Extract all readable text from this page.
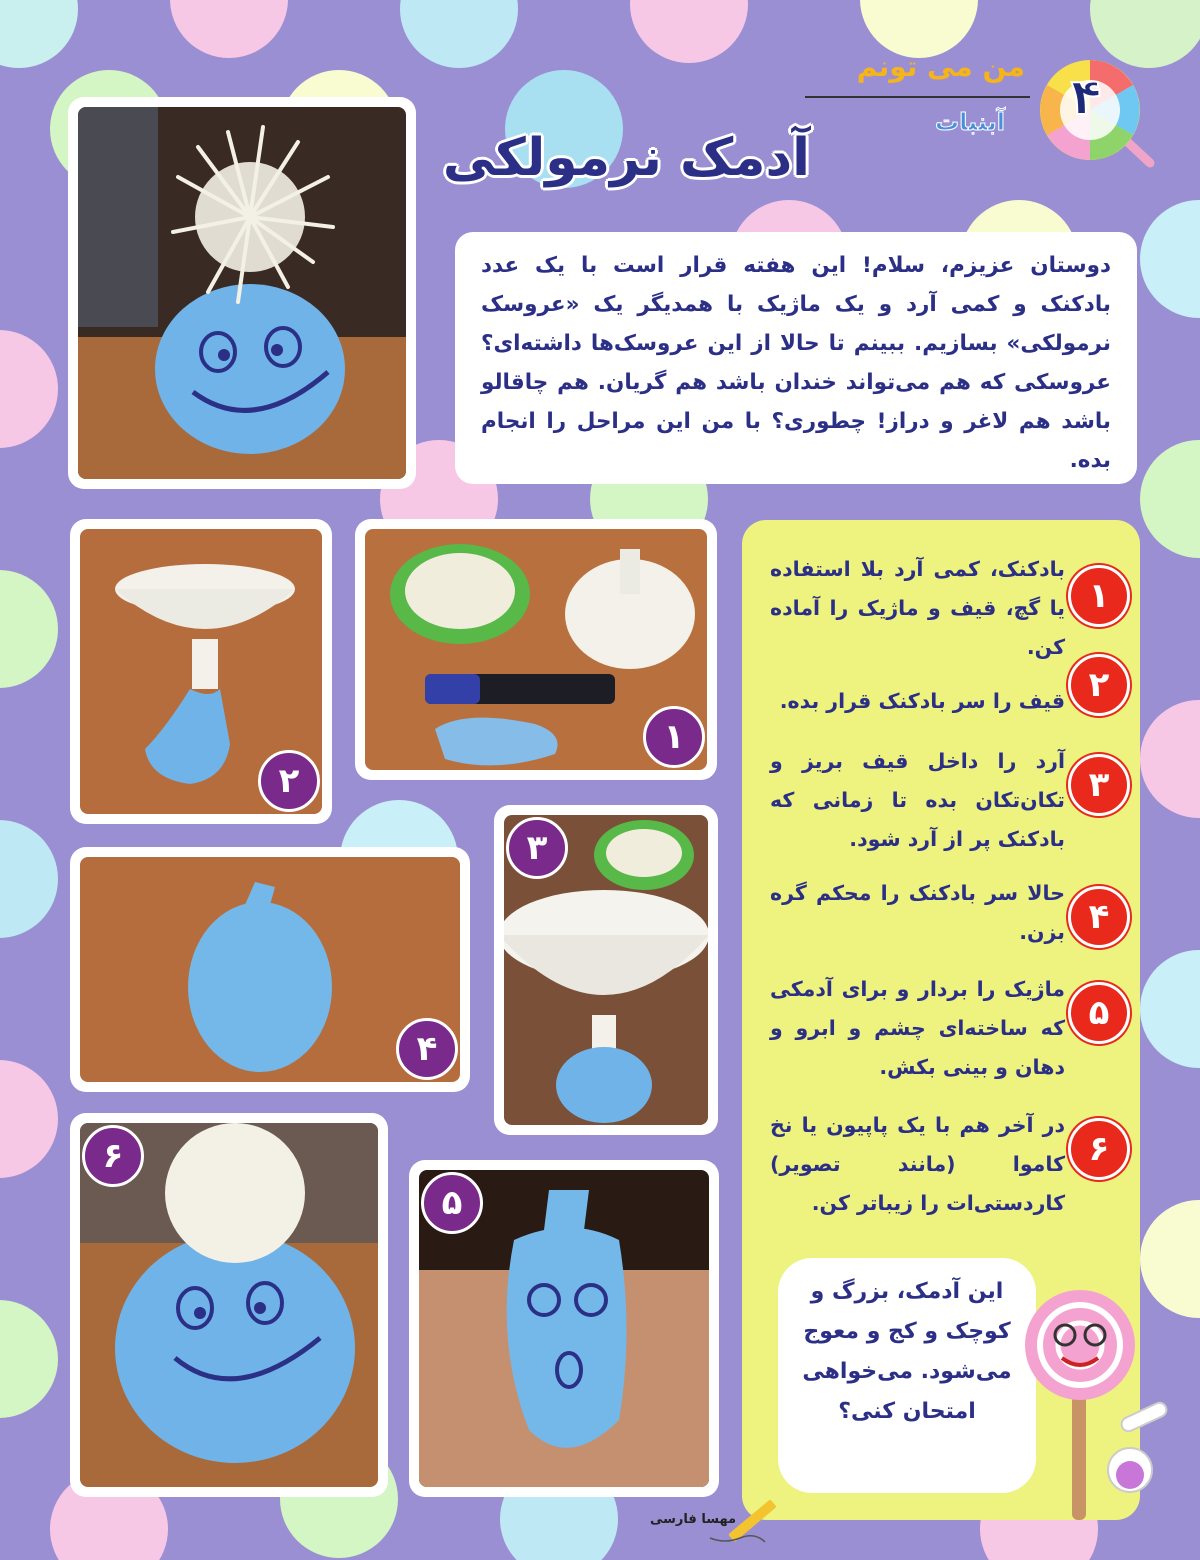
من می تونم
آبنبات	۴
آدمک نرمولکی

دوستان عزیزم، سلام! این هفته قرار است با یک عدد بادکنک و کمی آرد و یک ماژیک با همدیگر یک «عروسک نرمولکی» بسازیم. ببینم تا حالا از این عروسک‌ها داشته‌ای؟ عروسکی که هم می‌تواند خندان باشد هم گریان. هم چاقالو باشد هم لاغر و دراز! چطوری؟ با من این مراحل را انجام بده.

۱
۲
۳
۴
۶
۵
۱
بادکنک، کمی آرد بلا استفاده یا گچ، قیف و ماژیک را آماده کن.
۲
قیف را سر بادکنک قرار بده.
۳
آرد را داخل قیف بریز و تکان‌تکان بده تا زمانی که بادکنک پر از آرد شود.
۴
حالا سر بادکنک را محکم گره بزن.
۵
ماژیک را بردار و برای آدمکی که ساخته‌ای چشم و ابرو و دهان و بینی بکش.
۶
در آخر هم با یک پاپیون یا نخ کاموا (مانند تصویر) کاردستی‌ات را زیباتر کن.
این آدمک، بزرگ و کوچک و کج و معوج می‌شود. می‌خواهی امتحان کنی؟
مهسا فارسی
